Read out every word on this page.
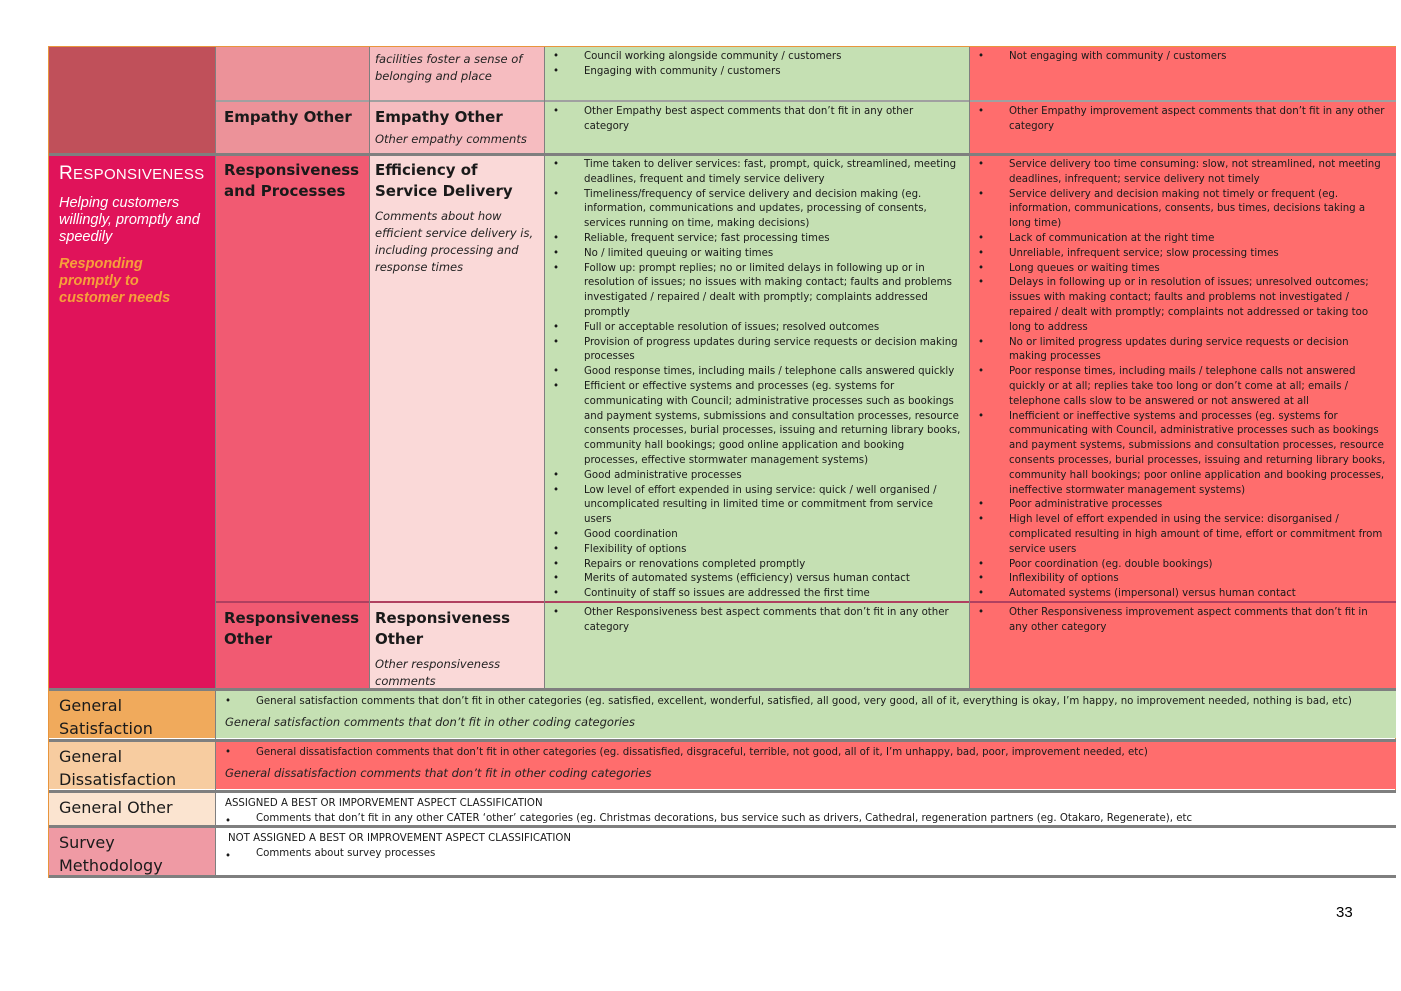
facilities foster a sense of belonging and place
• Council working alongside community / customers
• Engaging with community / customers
• Not engaging with community / customers
Empathy Other	Empathy Other
Other empathy comments
• Other Empathy best aspect comments that don’t fit in any other category
• Other Empathy improvement aspect comments that don’t fit in any other category
RESPONSIVENESS
Helping customers willingly, promptly and speedily
Responding promptly to customer needs
Responsiveness and Processes
Efficiency of Service Delivery
Comments about how efficient service delivery is, including processing and response times
• Time taken to deliver services: fast, prompt, quick, streamlined, meeting deadlines, frequent and timely service delivery
• Timeliness/frequency of service delivery and decision making (eg. information, communications and updates, processing of consents, services running on time, making decisions)
• Reliable, frequent service; fast processing times
• No / limited queuing or waiting times
• Follow up: prompt replies; no or limited delays in following up or in resolution of issues; no issues with making contact; faults and problems investigated / repaired / dealt with promptly; complaints addressed promptly
• Full or acceptable resolution of issues; resolved outcomes
• Provision of progress updates during service requests or decision making processes
• Good response times, including mails / telephone calls answered quickly
• Efficient or effective systems and processes (eg. systems for communicating with Council; administrative processes such as bookings and payment systems, submissions and consultation processes, resource consents processes, burial processes, issuing and returning library books, community hall bookings; good online application and booking processes, effective stormwater management systems)
• Good administrative processes
• Low level of effort expended in using service: quick / well organised / uncomplicated resulting in limited time or commitment from service users
• Good coordination
• Flexibility of options
• Repairs or renovations completed promptly
• Merits of automated systems (efficiency) versus human contact
• Continuity of staff so issues are addressed the first time
• Service delivery too time consuming: slow, not streamlined, not meeting deadlines, infrequent; service delivery not timely
• Service delivery and decision making not timely or frequent (eg. information, communications, consents, bus times, decisions taking a long time)
• Lack of communication at the right time
• Unreliable, infrequent service; slow processing times
• Long queues or waiting times
• Delays in following up or in resolution of issues; unresolved outcomes; issues with making contact; faults and problems not investigated / repaired / dealt with promptly; complaints not addressed or taking too long to address
• No or limited progress updates during service requests or decision making processes
• Poor response times, including mails / telephone calls not answered quickly or at all; replies take too long or don’t come at all; emails / telephone calls slow to be answered or not answered at all
• Inefficient or ineffective systems and processes (eg. systems for communicating with Council, administrative processes such as bookings and payment systems, submissions and consultation processes, resource consents processes, burial processes, issuing and returning library books, community hall bookings; poor online application and booking processes, ineffective stormwater management systems)
• Poor administrative processes
• High level of effort expended in using the service: disorganised / complicated resulting in high amount of time, effort or commitment from service users
• Poor coordination (eg. double bookings)
• Inflexibility of options
• Automated systems (impersonal) versus human contact
Responsiveness Other
Responsiveness Other
Other responsiveness comments
• Other Responsiveness best aspect comments that don’t fit in any other category
• Other Responsiveness improvement aspect comments that don’t fit in any other category
General Satisfaction
• General satisfaction comments that don’t fit in other categories (eg. satisfied, excellent, wonderful, satisfied, all good, very good, all of it, everything is okay, I’m happy, no improvement needed, nothing is bad, etc)
General satisfaction comments that don’t fit in other coding categories
General Dissatisfaction
• General dissatisfaction comments that don’t fit in other categories (eg. dissatisfied, disgraceful, terrible, not good, all of it, I’m unhappy, bad, poor, improvement needed, etc)
General dissatisfaction comments that don’t fit in other coding categories
General Other	ASSIGNED A BEST OR IMPORVEMENT ASPECT CLASSIFICATION
• Comments that don’t fit in any other CATER ‘other’ categories (eg. Christmas decorations, bus service such as drivers, Cathedral, regeneration partners (eg. Otakaro, Regenerate), etc
Survey Methodology
NOT ASSIGNED A BEST OR IMPROVEMENT ASPECT CLASSIFICATION
• Comments about survey processes
33
